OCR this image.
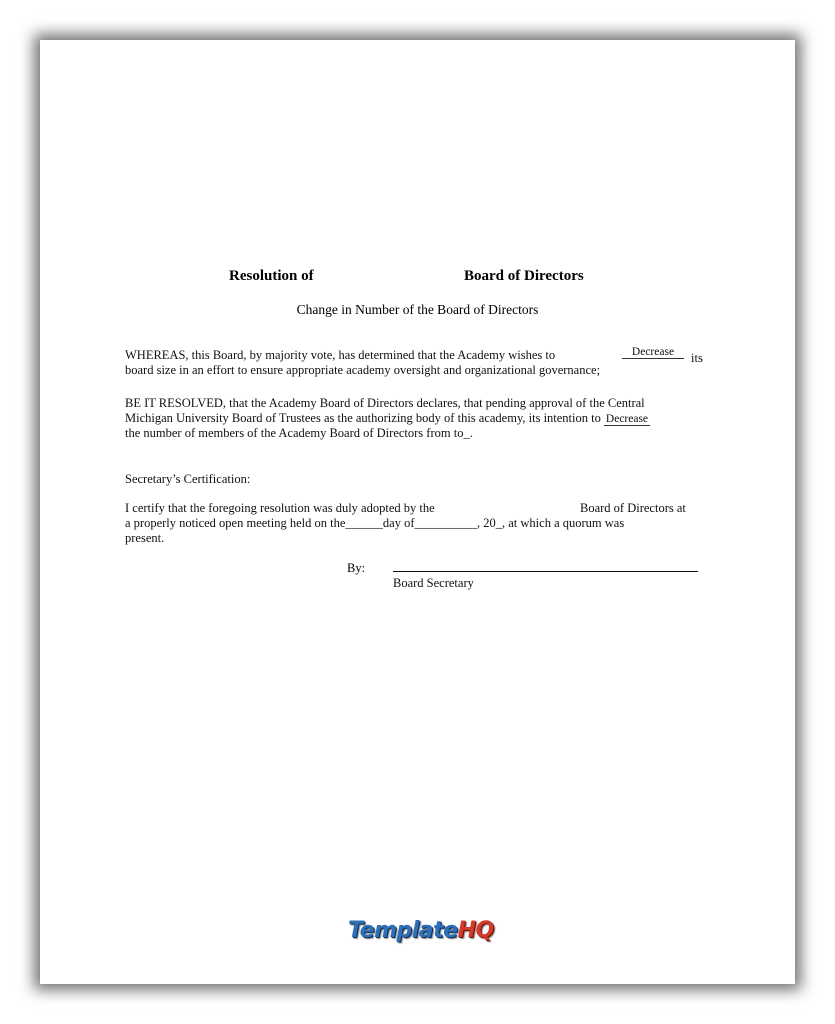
Resolution of	Board of Directors
Change in Number of the Board of Directors
WHEREAS, this Board, by majority vote, has determined that the Academy wishes to	Decrease	its
board size in an effort to ensure appropriate academy oversight and organizational governance;
BE IT RESOLVED, that the Academy Board of Directors declares, that pending approval of the Central
Michigan University Board of Trustees as the authorizing body of this academy, its intention to Decrease
the number of members of the Academy Board of Directors from to_.
Secretary’s Certification:
I certify that the foregoing resolution was duly adopted by the	Board of Directors at
a properly noticed open meeting held on the______day of__________, 20_, at which a quorum was
present.
By:
Board Secretary
TemplateHQ
